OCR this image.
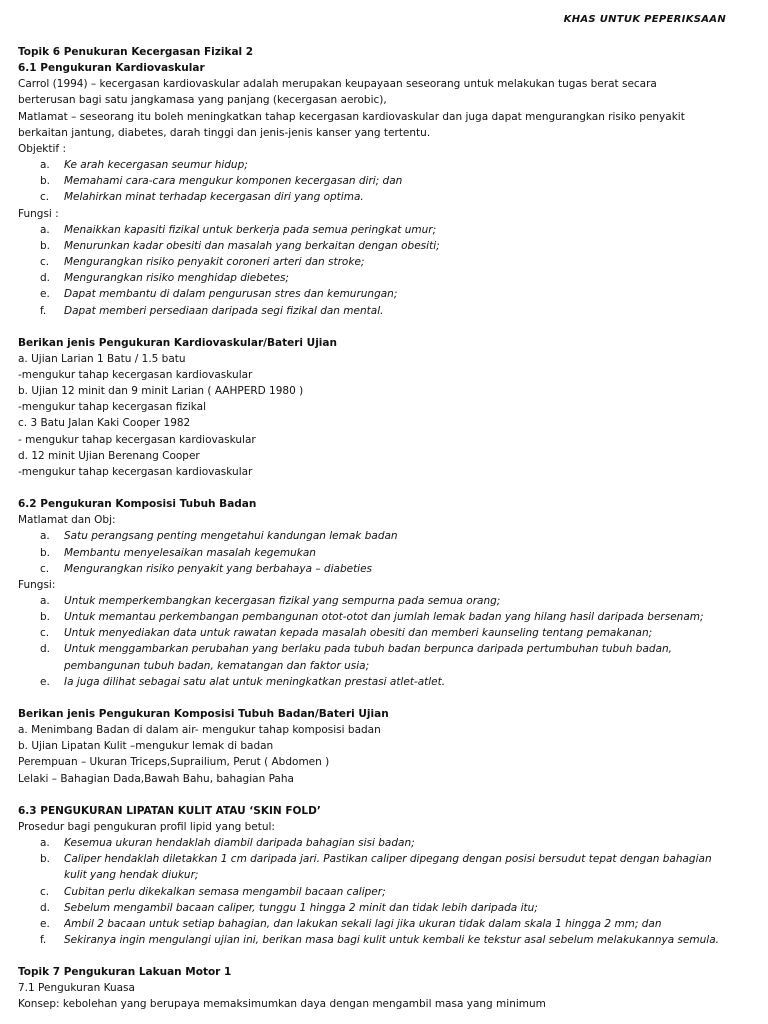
KHAS UNTUK PEPERIKSAAN
Topik 6 Penukuran Kecergasan Fizikal 2
6.1 Pengukuran Kardiovaskular
Carrol (1994) – kecergasan kardiovaskular adalah merupakan keupayaan seseorang untuk melakukan tugas berat secara
berterusan bagi satu jangkamasa yang panjang (kecergasan aerobic),
Matlamat – seseorang itu boleh meningkatkan tahap kecergasan kardiovaskular dan juga dapat mengurangkan risiko penyakit
berkaitan jantung, diabetes, darah tinggi dan jenis-jenis kanser yang tertentu.
Objektif :
a.	Ke arah kecergasan seumur hidup;
b.	Memahami cara-cara mengukur komponen kecergasan diri; dan
c.	Melahirkan minat terhadap kecergasan diri yang optima.
Fungsi :
a.	Menaikkan kapasiti fizikal untuk berkerja pada semua peringkat umur;
b.	Menurunkan kadar obesiti dan masalah yang berkaitan dengan obesiti;
c.	Mengurangkan risiko penyakit coroneri arteri dan stroke;
d.	Mengurangkan risiko menghidap diebetes;
e.	Dapat membantu di dalam pengurusan stres dan kemurungan;
f.	Dapat memberi persediaan daripada segi fizikal dan mental.
Berikan jenis Pengukuran Kardiovaskular/Bateri Ujian
a. Ujian Larian 1 Batu / 1.5 batu
-mengukur tahap kecergasan kardiovaskular
b. Ujian 12 minit dan 9 minit Larian ( AAHPERD 1980 )
-mengukur tahap kecergasan fizikal
c. 3 Batu Jalan Kaki Cooper 1982
- mengukur tahap kecergasan kardiovaskular
d. 12 minit Ujian Berenang Cooper
-mengukur tahap kecergasan kardiovaskular
6.2 Pengukuran Komposisi Tubuh Badan
Matlamat dan Obj:
a.	Satu perangsang penting mengetahui kandungan lemak badan
b.	Membantu menyelesaikan masalah kegemukan
c.	Mengurangkan risiko penyakit yang berbahaya – diabeties
Fungsi:
a.	Untuk memperkembangkan kecergasan fizikal yang sempurna pada semua orang;
b.	Untuk memantau perkembangan pembangunan otot-otot dan jumlah lemak badan yang hilang hasil daripada bersenam;
c.	Untuk menyediakan data untuk rawatan kepada masalah obesiti dan memberi kaunseling tentang pemakanan;
d.	Untuk menggambarkan perubahan yang berlaku pada tubuh badan berpunca daripada pertumbuhan tubuh badan,
pembangunan tubuh badan, kematangan dan faktor usia;
e.	Ia juga dilihat sebagai satu alat untuk meningkatkan prestasi atlet-atlet.
Berikan jenis Pengukuran Komposisi Tubuh Badan/Bateri Ujian
a. Menimbang Badan di dalam air- mengukur tahap komposisi badan
b. Ujian Lipatan Kulit –mengukur lemak di badan
Perempuan – Ukuran Triceps,Suprailium, Perut ( Abdomen )
Lelaki – Bahagian Dada,Bawah Bahu, bahagian Paha
6.3 PENGUKURAN LIPATAN KULIT ATAU ‘SKIN FOLD’
Prosedur bagi pengukuran profil lipid yang betul:
a.	Kesemua ukuran hendaklah diambil daripada bahagian sisi badan;
b.	Caliper hendaklah diletakkan 1 cm daripada jari. Pastikan caliper dipegang dengan posisi bersudut tepat dengan bahagian
kulit yang hendak diukur;
c.	Cubitan perlu dikekalkan semasa mengambil bacaan caliper;
d.	Sebelum mengambil bacaan caliper, tunggu 1 hingga 2 minit dan tidak lebih daripada itu;
e.	Ambil 2 bacaan untuk setiap bahagian, dan lakukan sekali lagi jika ukuran tidak dalam skala 1 hingga 2 mm; dan
f.	Sekiranya ingin mengulangi ujian ini, berikan masa bagi kulit untuk kembali ke tekstur asal sebelum melakukannya semula.
Topik 7 Pengukuran Lakuan Motor 1
7.1 Pengukuran Kuasa
Konsep: kebolehan yang berupaya memaksimumkan daya dengan mengambil masa yang minimum
